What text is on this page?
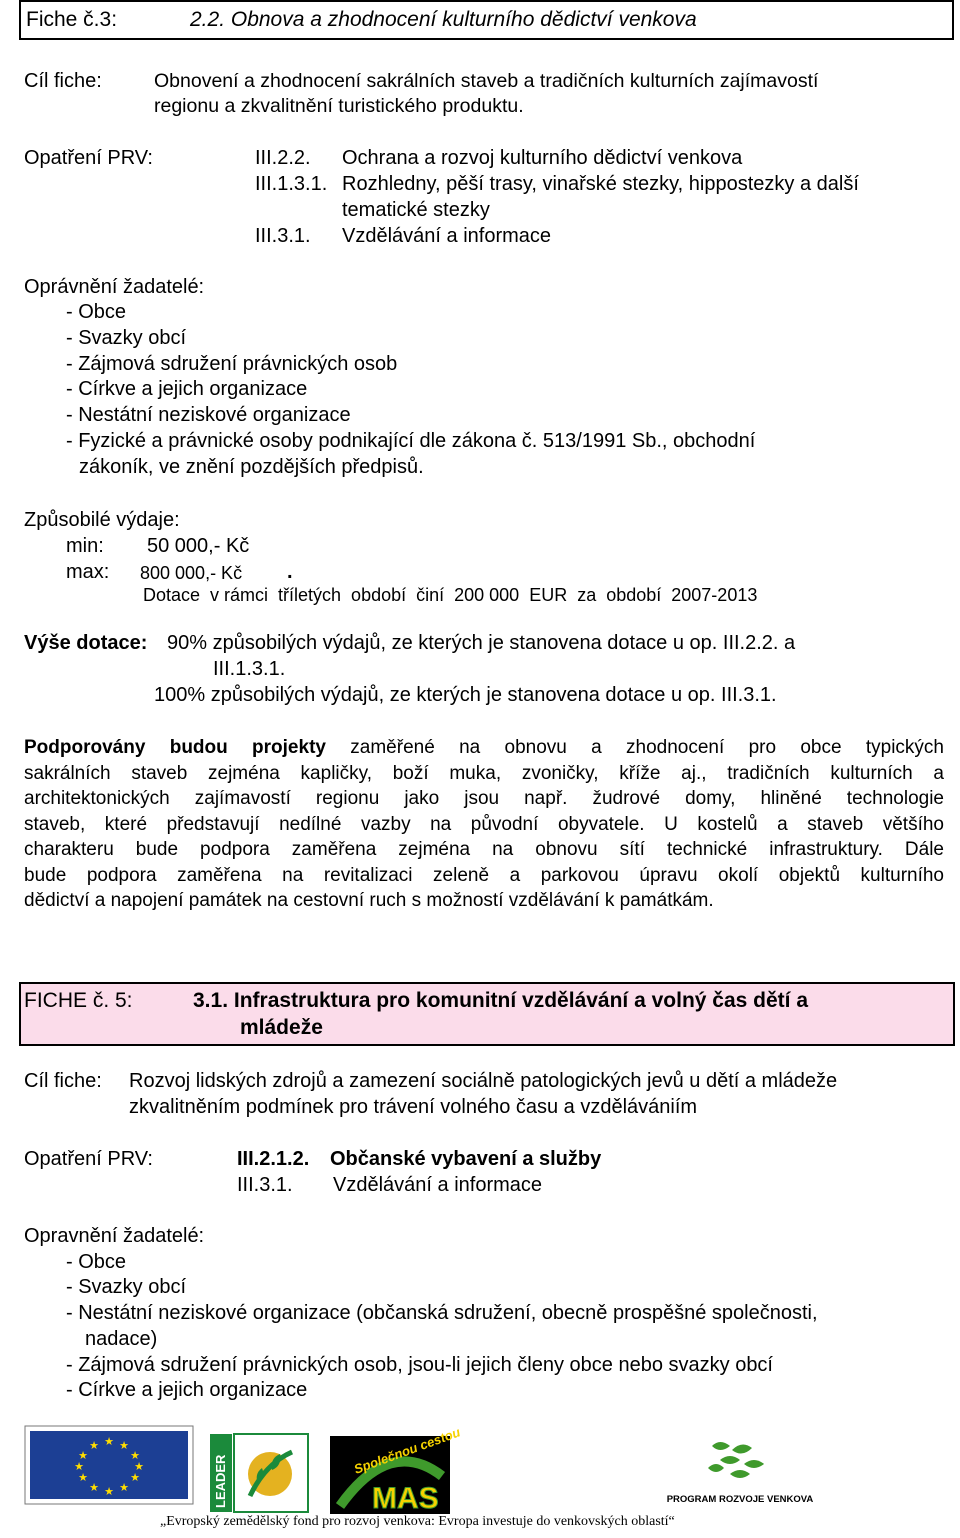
Fiche č.3:	2.2. Obnova a zhodnocení kulturního dědictví venkova
Cíl fiche:	Obnovení a zhodnocení sakrálních staveb a tradičních kulturních zajímavostí
regionu a zkvalitnění turistického produktu.
Opatření PRV:	III.2.2. Ochrana a rozvoj kulturního dědictví venkova
III.1.3.1. Rozhledny, pěší trasy, vinařské stezky, hippostezky a další
tematické stezky
III.3.1. Vzdělávání a informace
Oprávnění žadatelé:
- Obce
- Svazky obcí
- Zájmová sdružení právnických osob
- Církve a jejich organizace
- Nestátní neziskové organizace
- Fyzické a právnické osoby podnikající dle zákona č. 513/1991 Sb., obchodní
zákoník, ve znění pozdějších předpisů.
Způsobilé výdaje:
min: 50 000,- Kč
max: 800 000,- Kč .
Dotace  v rámci  tříletých  období  činí  200 000  EUR  za  období  2007-2013
Výše dotace: 90% způsobilých výdajů, ze kterých je stanovena dotace u op. III.2.2. a
III.1.3.1.
100% způsobilých výdajů, ze kterých je stanovena dotace u op. III.3.1.
Podporovány budou projekty zaměřené na obnovu a zhodnocení pro obce typických
sakrálních staveb zejména kapličky, boží muka, zvoničky, kříže aj., tradičních kulturních a
architektonických zajímavostí regionu jako jsou např. žudrové domy, hliněné technologie
staveb, které představují nedílné vazby na původní obyvatele. U kostelů a staveb většího
charakteru bude podpora zaměřena zejména na obnovu sítí technické infrastruktury. Dále
bude podpora zaměřena na revitalizaci zeleně a parkovou úpravu okolí objektů kulturního
dědictví a napojení památek na cestovní ruch s možností vzdělávání k památkám.
FICHE č. 5:	3.1. Infrastruktura pro komunitní vzdělávání a volný čas dětí a
mládeže
Cíl fiche: Rozvoj lidských zdrojů a zamezení sociálně patologických jevů u dětí a mládeže
zkvalitněním podmínek pro trávení volného času a vzdělávániím
Opatření PRV:	III.2.1.2. Občanské vybavení a služby
III.3.1. Vzdělávání a informace
Opravnění žadatelé:
- Obce
- Svazky obcí
- Nestátní neziskové organizace (občanská sdružení, obecně prospěšné společnosti,
nadace)
- Zájmová sdružení právnických osob, jsou-li jejich členy obce nebo svazky obcí
- Církve a jejich organizace
★ ★
★
★
★
★
★
★
★
★
★
★
LEADER
Společnou cestou
MAS	PROGRAM ROZVOJE VENKOVA
„Evropský zemědělský fond pro rozvoj venkova: Evropa investuje do venkovských oblastí“
